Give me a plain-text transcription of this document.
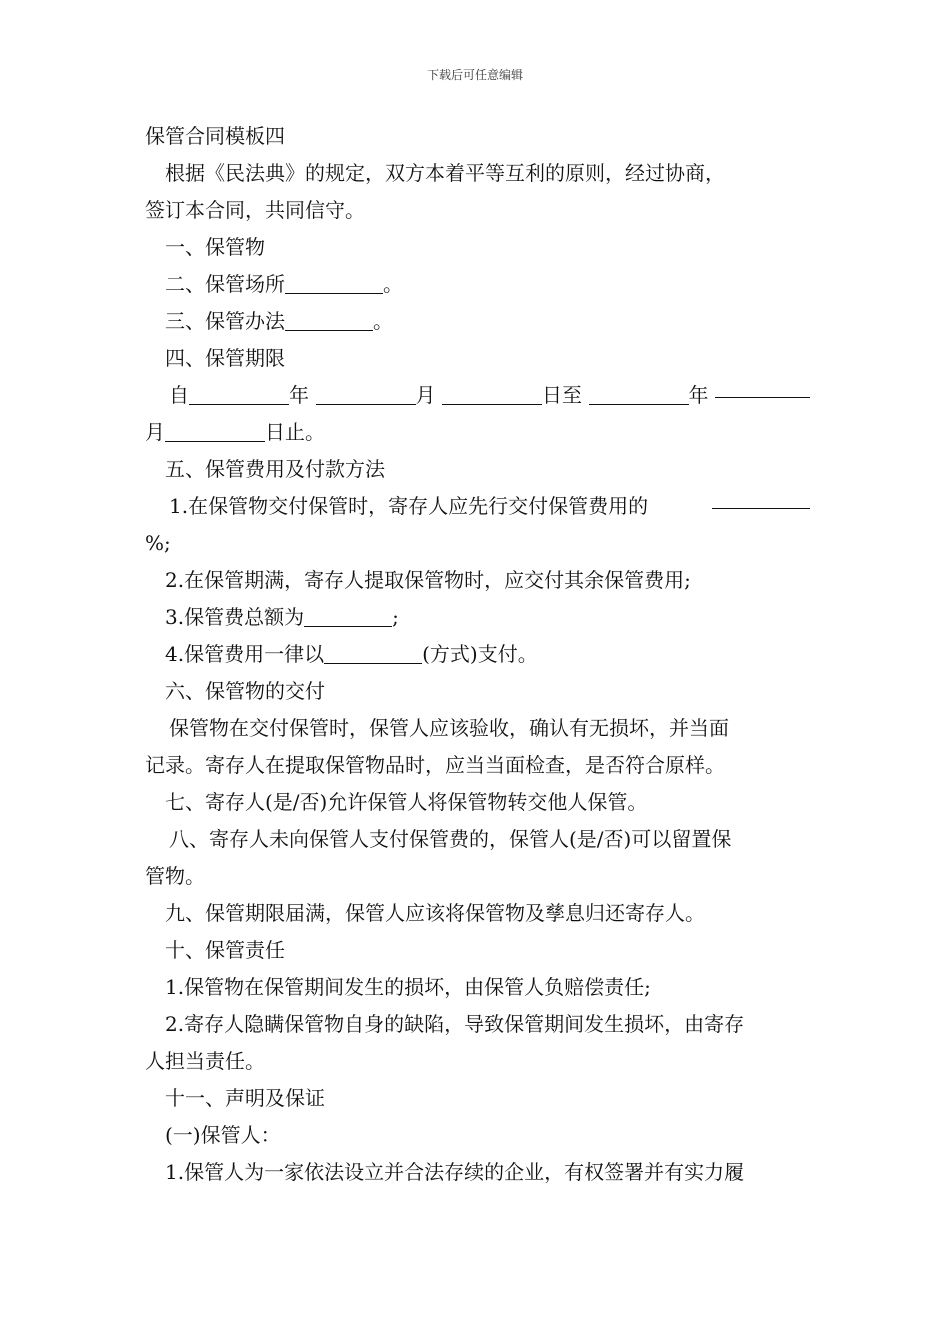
下载后可任意编辑
保管合同模板四
根据《民法典》的规定，双方本着平等互利的原则，经过协商，
签订本合同，共同信守。
一、保管物
二、保管场所	。
三、保管办法	。
四、保管期限
自	年	月	日至	年
月	日止。
五、保管费用及付款方法
1.在保管物交付保管时，寄存人应先行交付保管费用的
%;
2.在保管期满，寄存人提取保管物时，应交付其余保管费用;
3.保管费总额为	;
4.保管费用一律以	(方式)支付。
六、保管物的交付
保管物在交付保管时，保管人应该验收，确认有无损坏，并当面
记录。寄存人在提取保管物品时，应当当面检查，是否符合原样。
七、寄存人(是/否)允许保管人将保管物转交他人保管。
八、寄存人未向保管人支付保管费的，保管人(是/否)可以留置保
管物。
九、保管期限届满，保管人应该将保管物及孳息归还寄存人。
十、保管责任
1.保管物在保管期间发生的损坏，由保管人负赔偿责任;
2.寄存人隐瞒保管物自身的缺陷，导致保管期间发生损坏，由寄存
人担当责任。
十一、声明及保证
(一)保管人：
1.保管人为一家依法设立并合法存续的企业，有权签署并有实力履
